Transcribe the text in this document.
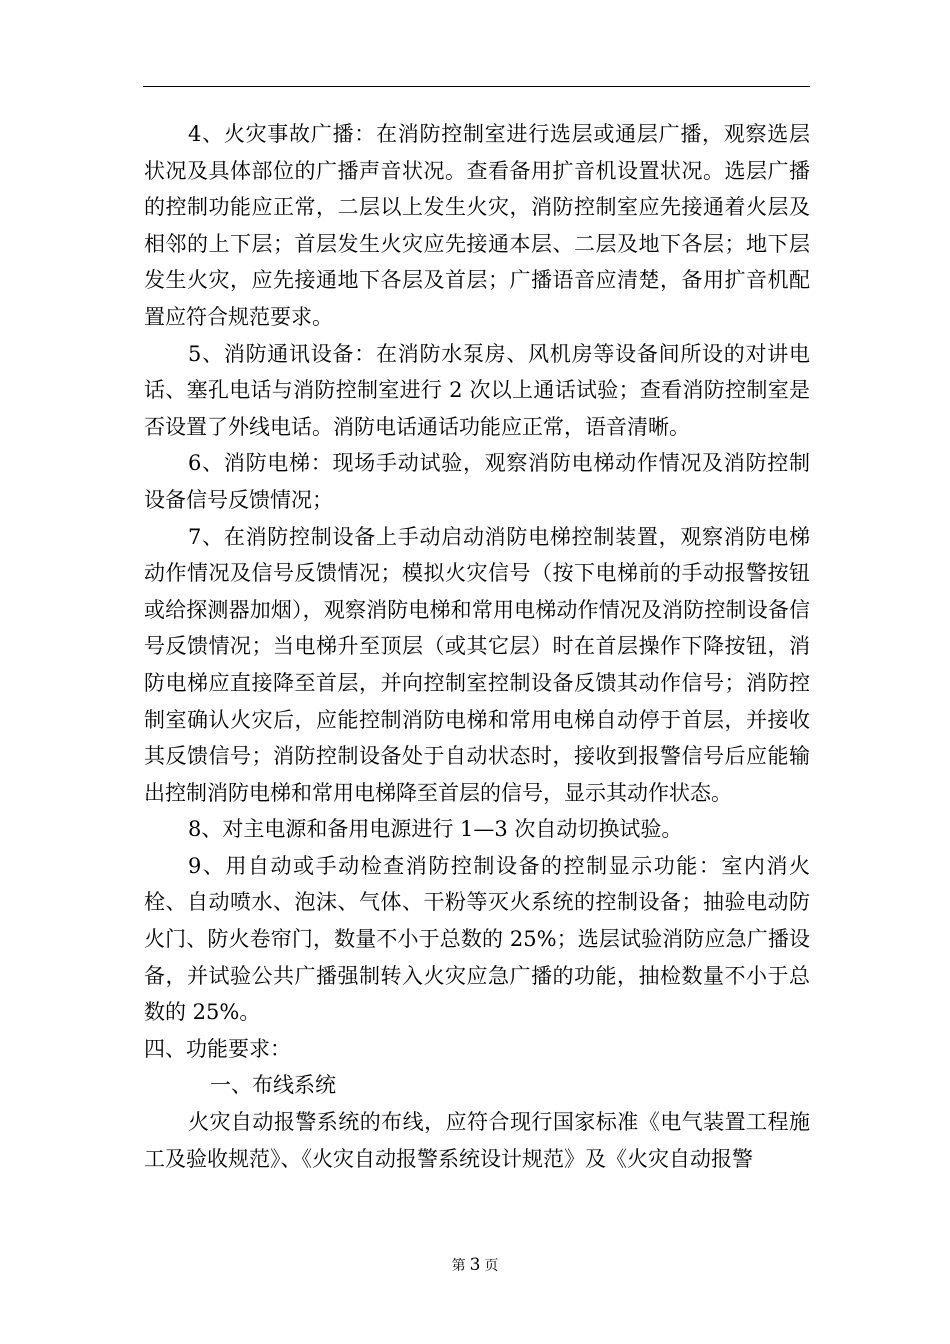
4、火灾事故广播：在消防控制室进行选层或通层广播，观察选层状况及具体部位的广播声音状况。查看备用扩音机设置状况。选层广播的控制功能应正常，二层以上发生火灾，消防控制室应先接通着火层及相邻的上下层；首层发生火灾应先接通本层、二层及地下各层；地下层发生火灾，应先接通地下各层及首层；广播语音应清楚，备用扩音机配置应符合规范要求。

5、消防通讯设备：在消防水泵房、风机房等设备间所设的对讲电话、塞孔电话与消防控制室进行 2 次以上通话试验；查看消防控制室是否设置了外线电话。消防电话通话功能应正常，语音清晰。

6、消防电梯：现场手动试验，观察消防电梯动作情况及消防控制设备信号反馈情况；

7、在消防控制设备上手动启动消防电梯控制装置，观察消防电梯动作情况及信号反馈情况；模拟火灾信号（按下电梯前的手动报警按钮或给探测器加烟），观察消防电梯和常用电梯动作情况及消防控制设备信号反馈情况；当电梯升至顶层（或其它层）时在首层操作下降按钮，消防电梯应直接降至首层，并向控制室控制设备反馈其动作信号；消防控制室确认火灾后，应能控制消防电梯和常用电梯自动停于首层，并接收其反馈信号；消防控制设备处于自动状态时，接收到报警信号后应能输出控制消防电梯和常用电梯降至首层的信号，显示其动作状态。

8、对主电源和备用电源进行 1—3 次自动切换试验。

9、用自动或手动检查消防控制设备的控制显示功能：室内消火栓、自动喷水、泡沫、气体、干粉等灭火系统的控制设备；抽验电动防火门、防火卷帘门，数量不小于总数的 25%；选层试验消防应急广播设备，并试验公共广播强制转入火灾应急广播的功能，抽检数量不小于总数的 25%。

四、功能要求：

一、布线系统

火灾自动报警系统的布线，应符合现行国家标准《电气装置工程施工及验收规范》、《火灾自动报警系统设计规范》及《火灾自动报警

第 3 页
